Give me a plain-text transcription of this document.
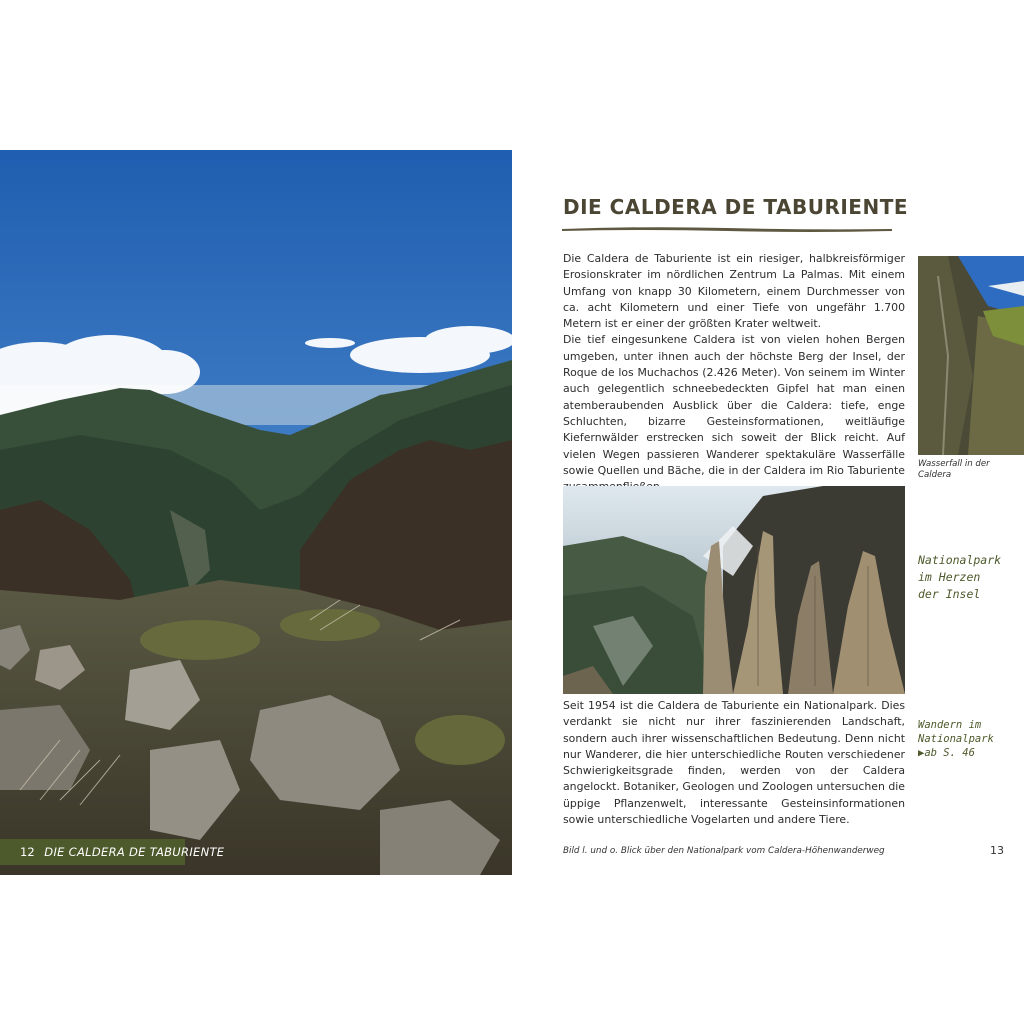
12 DIE CALDERA DE TABURIENTE
DIE CALDERA DE TABURIENTE

Die Caldera de Taburiente ist ein riesiger, halbkreisförmiger Erosionskrater im nördlichen Zentrum La Palmas. Mit einem Umfang von knapp 30 Kilometern, einem Durchmesser von ca. acht Kilometern und einer Tiefe von ungefähr 1.700 Metern ist er einer der größten Krater weltweit.

Die tief eingesunkene Caldera ist von vielen hohen Bergen umgeben, unter ihnen auch der höchste Berg der Insel, der Roque de los Muchachos (2.426 Meter). Von seinem im Winter auch gelegentlich schneebedeckten Gipfel hat man einen atemberaubenden Ausblick über die Caldera: tiefe, enge Schluchten, bizarre Gesteinsformationen, weitläufige Kiefernwälder erstrecken sich soweit der Blick reicht. Auf vielen Wegen passieren Wanderer spektakuläre Wasserfälle sowie Quellen und Bäche, die in der Caldera im Rio Taburiente Wasserfall in der Caldera
Nationalpark
im Herzen
der Insel
Seit 1954 ist die Caldera de Taburiente ein Nationalpark. Dies verdankt sie nicht nur ihrer faszinierenden Landschaft, sondern auch ihrer wissenschaftlichen Bedeutung. Denn nicht nur Wanderer, die hier unterschiedliche Routen verschiedener Schwierigkeitsgrade finden, werden von der Caldera angelockt. Botaniker, Geologen und Zoologen untersuchen die üppige Pflanzenwelt, interessante Gesteinsinformationen sowie unterschiedliche Vogelarten und andere Tiere.
Wandern im
Nationalpark
▶ab S. 46
Bild l. und o. Blick über den Nationalpark vom Caldera-Höhenwanderweg	13
